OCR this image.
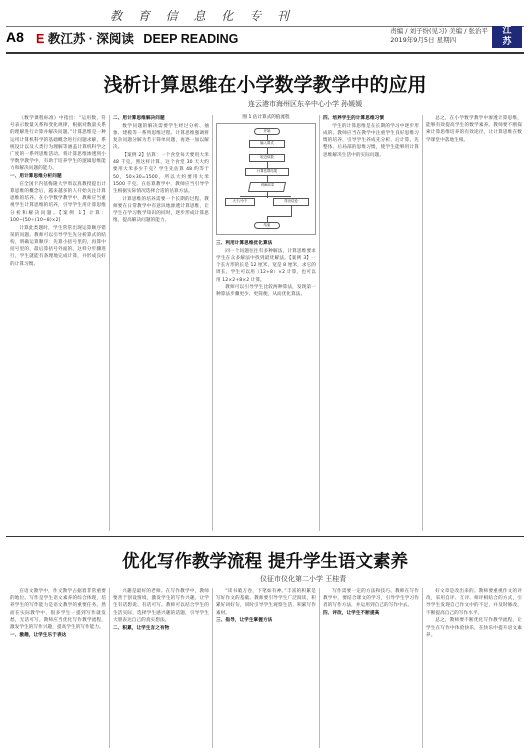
教 育 信 息 化 专 刊
A8 E 教江苏 · 深阅读 DEEP READING
责编 / 刘子纷(见习) 美编 / 张治平
2019年9月5日 星期四
江
苏
浅析计算思维在小学数学教学中的应用
连云港市海州区东辛中心小学 孙媛媛

《数学课程标准》中指出：“运用数，符号表示数量关系和变化规律，根据对数量关系的理解进行计算并解决问题。”计算思维是一种运用计算机科学的基础概念进行问题求解、系统设计以及人类行为理解等涵盖计算机科学之广度的一系列思维活动。将计算思维渗透到小学数学教学中，有助于培养学生的逻辑思维能力和解决问题的能力。

一、用计算思维分析问题

在全国卡内基梅隆大学周以真教授提出计算思维的概念后，越来越多的人开始关注计算思维的培养。在小学数学教学中，教师应当重视学生计算思维的培养，引导学生用计算思维分析和解决问题。【案例 1】计算：100−[50÷(10−8)×2]

计算此类题时，学生常常出现运算顺序错误的问题。教师可以引导学生先分析算式的结构，明确运算顺序：先算小括号里的，再算中括号里的，最后算括号外面的。这样分步骤进行，学生就能有条理地完成计算，并形成良好的计算习惯。

二、用计算思维解决问题

数学问题的解决需要学生经过分析、抽象、建模等一系列思维过程。计算思维强调将复杂问题分解为若干简单问题，再逐一加以解决。

【案例 2】估算：一个食堂每天要用大米 48 千克，照这样计算，这个食堂 30 天大约要用大米多少千克？学生先估算 48 约等于 50，50×30=1500，所以大约要用大米 1500 千克。在估算教学中，教师应当引导学生根据实际情况选择合适的估算方法。

计算思维的培养需要一个长期的过程。教师要在日常教学中有意识地渗透计算思维，让学生在学习数学知识的同时，逐步形成计算思维，提高解决问题的能力。

图 1 估计算式的值流程
开始
输入算式
取近似数
计算估算结果
判断结果
大于/小于	得出结论
结束

三、利用计算思维优化算法

同一个问题往往有多种解法，计算思维要求学生在众多解法中找到最优解法。【案例 3】一个长方形的长是 12 厘米，宽是 8 厘米，求它的周长。学生可以用（12+8）×2 计算，也可以用 12×2+8×2 计算。

教师可以引导学生比较两种算法，发现第一种算法步骤更少、更简便，从而优化算法。

四、培养学生的计算思维习惯

学生的计算思维是在长期的学习中逐步形成的。教师应当在教学中注重学生良好思维习惯的培养，引导学生养成先分析、后计算，先整体、后局部的思维习惯，使学生能够用计算思维解决生活中的实际问题。

总之，在小学数学教学中渗透计算思维，能够有效提高学生的数学素养。教师要不断探索计算思维培养的有效途径，让计算思维在数学课堂中落地生根。

优化写作教学流程 提升学生语文素养
仪征市仪化第二小学 王桂青

在语文教学中，作文教学占据着非常重要的地位。写作是学生语文素养的综合体现，培养学生的写作能力是语文教学的重要任务。然而在实际教学中，很多学生一提到写作就发愁，无话可写。教师应当优化写作教学流程，激发学生的写作兴趣，提高学生的写作能力。

一、激趣，让学生乐于表达

兴趣是最好的老师。在写作教学中，教师要善于创设情境，激发学生的写作兴趣，让学生有话想说、有话可写。教师可以结合学生的生活实际，选择学生感兴趣的话题，引导学生大胆表达自己的真实想法。

二、积累，让学生言之有物

“读书破万卷，下笔如有神。”丰富的积累是写好作文的基础。教师要引导学生广泛阅读，积累好词好句，同时引导学生观察生活，积累写作素材。

三、指导，让学生掌握方法

写作需要一定的方法和技巧。教师在写作教学中，要结合课文的学习，引导学生学习作者的写作方法，并运用到自己的写作中去。

四、评改，让学生不断提高

好文章是改出来的。教师要重视作文的评改，采用自评、互评、师评相结合的方式，引导学生发现自己作文中的不足，并及时修改，不断提高自己的写作水平。

总之，教师要不断优化写作教学流程，让学生在写作中体验快乐，在快乐中提升语文素养。
